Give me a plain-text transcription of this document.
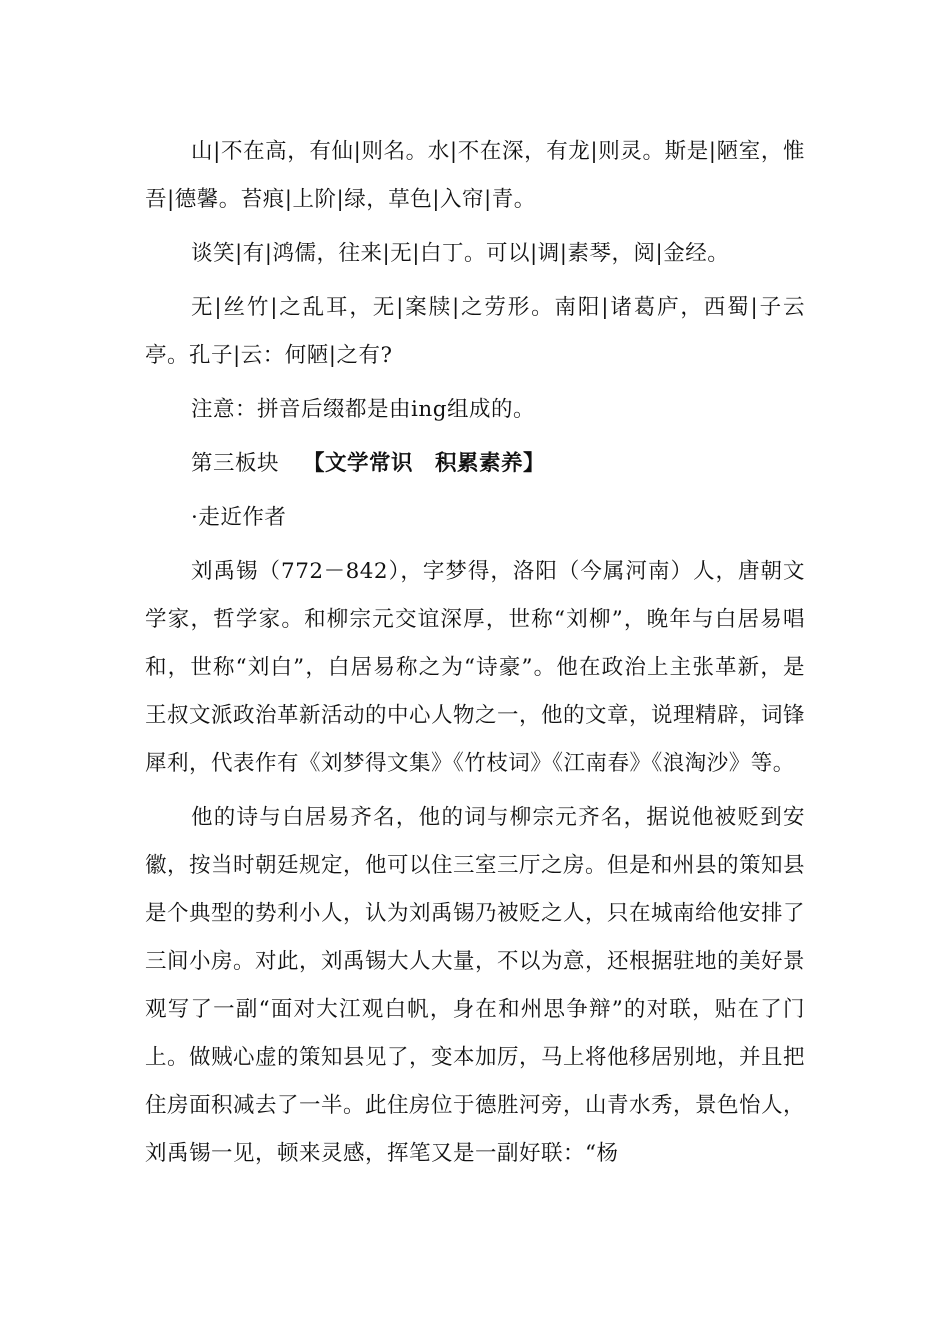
山|不在高，有仙|则名。水|不在深，有龙|则灵。斯是|陋室，惟吾|德馨。苔痕|上阶|绿，草色|入帘|青。

谈笑|有|鸿儒，往来|无|白丁。可以|调|素琴，阅|金经。

无|丝竹|之乱耳，无|案牍|之劳形。南阳|诸葛庐，西蜀|子云亭。孔子|云：何陋|之有?

注意：拼音后缀都是由ing组成的。

第三板块 【文学常识　积累素养】

·走近作者

刘禹锡（772－842），字梦得，洛阳（今属河南）人，唐朝文学家，哲学家。和柳宗元交谊深厚，世称“刘柳”，晚年与白居易唱和，世称“刘白”，白居易称之为“诗豪”。他在政治上主张革新，是王叔文派政治革新活动的中心人物之一，他的文章，说理精辟，词锋犀利，代表作有《刘梦得文集》《竹枝词》《江南春》《浪淘沙》等。

他的诗与白居易齐名，他的词与柳宗元齐名，据说他被贬到安徽，按当时朝廷规定，他可以住三室三厅之房。但是和州县的策知县是个典型的势利小人，认为刘禹锡乃被贬之人，只在城南给他安排了三间小房。对此，刘禹锡大人大量，不以为意，还根据驻地的美好景观写了一副“面对大江观白帆，身在和州思争辩”的对联，贴在了门上。做贼心虚的策知县见了，变本加厉，马上将他移居别地，并且把住房面积减去了一半。此住房位于德胜河旁，山青水秀，景色怡人，刘禹锡一见，顿来灵感，挥笔又是一副好联：“杨
